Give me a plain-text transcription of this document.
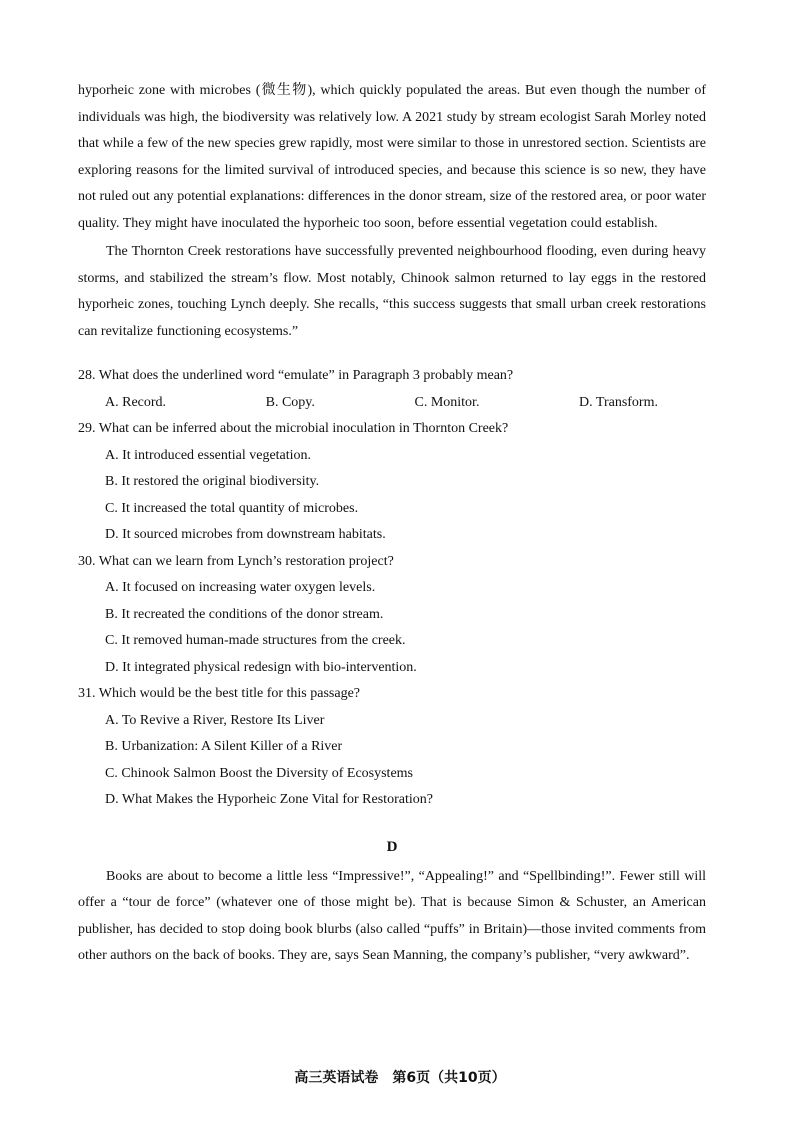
hyporheic zone with microbes (微生物), which quickly populated the areas. But even though the number of individuals was high, the biodiversity was relatively low. A 2021 study by stream ecologist Sarah Morley noted that while a few of the new species grew rapidly, most were similar to those in unrestored section. Scientists are exploring reasons for the limited survival of introduced species, and because this science is so new, they have not ruled out any potential explanations: differences in the donor stream, size of the restored area, or poor water quality. They might have inoculated the hyporheic too soon, before essential vegetation could establish.

The Thornton Creek restorations have successfully prevented neighbourhood flooding, even during heavy storms, and stabilized the stream’s flow. Most notably, Chinook salmon returned to lay eggs in the restored hyporheic zones, touching Lynch deeply. She recalls, “this success suggests that small urban creek restorations can revitalize functioning ecosystems.”

28. What does the underlined word “emulate” in Paragraph 3 probably mean?
A. Record.	B. Copy.	C. Monitor.	D. Transform.
29. What can be inferred about the microbial inoculation in Thornton Creek?
A. It introduced essential vegetation.
B. It restored the original biodiversity.
C. It increased the total quantity of microbes.
D. It sourced microbes from downstream habitats.
30. What can we learn from Lynch’s restoration project?
A. It focused on increasing water oxygen levels.
B. It recreated the conditions of the donor stream.
C. It removed human-made structures from the creek.
D. It integrated physical redesign with bio-intervention.
31. Which would be the best title for this passage?
A. To Revive a River, Restore Its Liver
B. Urbanization: A Silent Killer of a River
C. Chinook Salmon Boost the Diversity of Ecosystems
D. What Makes the Hyporheic Zone Vital for Restoration?
D

Books are about to become a little less “Impressive!”, “Appealing!” and “Spellbinding!”. Fewer still will offer a “tour de force” (whatever one of those might be). That is because Simon & Schuster, an American publisher, has decided to stop doing book blurbs (also called “puffs” in Britain)—those invited comments from other authors on the back of books. They are, says Sean Manning, the company’s publisher, “very awkward”.

高三英语试卷　第6页（共10页）
